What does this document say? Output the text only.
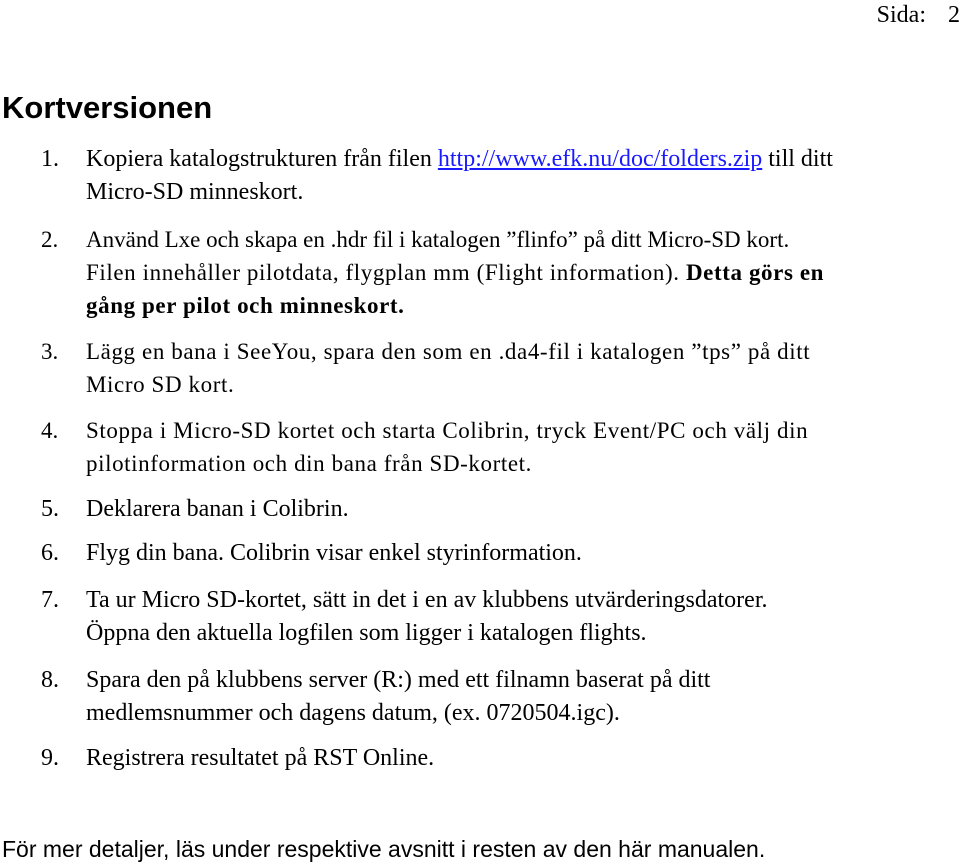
Sida: 2
Kortversionen
1.	Kopiera katalogstrukturen från filen http://www.efk.nu/doc/folders.zip till ditt
Micro-SD minneskort.
2.	Använd Lxe och skapa en .hdr fil i katalogen ”flinfo” på ditt Micro-SD kort.
Filen innehåller pilotdata, flygplan mm (Flight information). Detta görs en
gång per pilot och minneskort.
3.	Lägg en bana i SeeYou, spara den som en .da4-fil i katalogen ”tps” på ditt
Micro SD kort.
4.	Stoppa i Micro-SD kortet och starta Colibrin, tryck Event/PC och välj din
pilotinformation och din bana från SD-kortet.
5.	Deklarera banan i Colibrin.
6.	Flyg din bana. Colibrin visar enkel styrinformation.
7.	Ta ur Micro SD-kortet, sätt in det i en av klubbens utvärderingsdatorer.
Öppna den aktuella logfilen som ligger i katalogen flights.
8.	Spara den på klubbens server (R:) med ett filnamn baserat på ditt
medlemsnummer och dagens datum, (ex. 0720504.igc).
9.	Registrera resultatet på RST Online.

För mer detaljer, läs under respektive avsnitt i resten av den här manualen.
